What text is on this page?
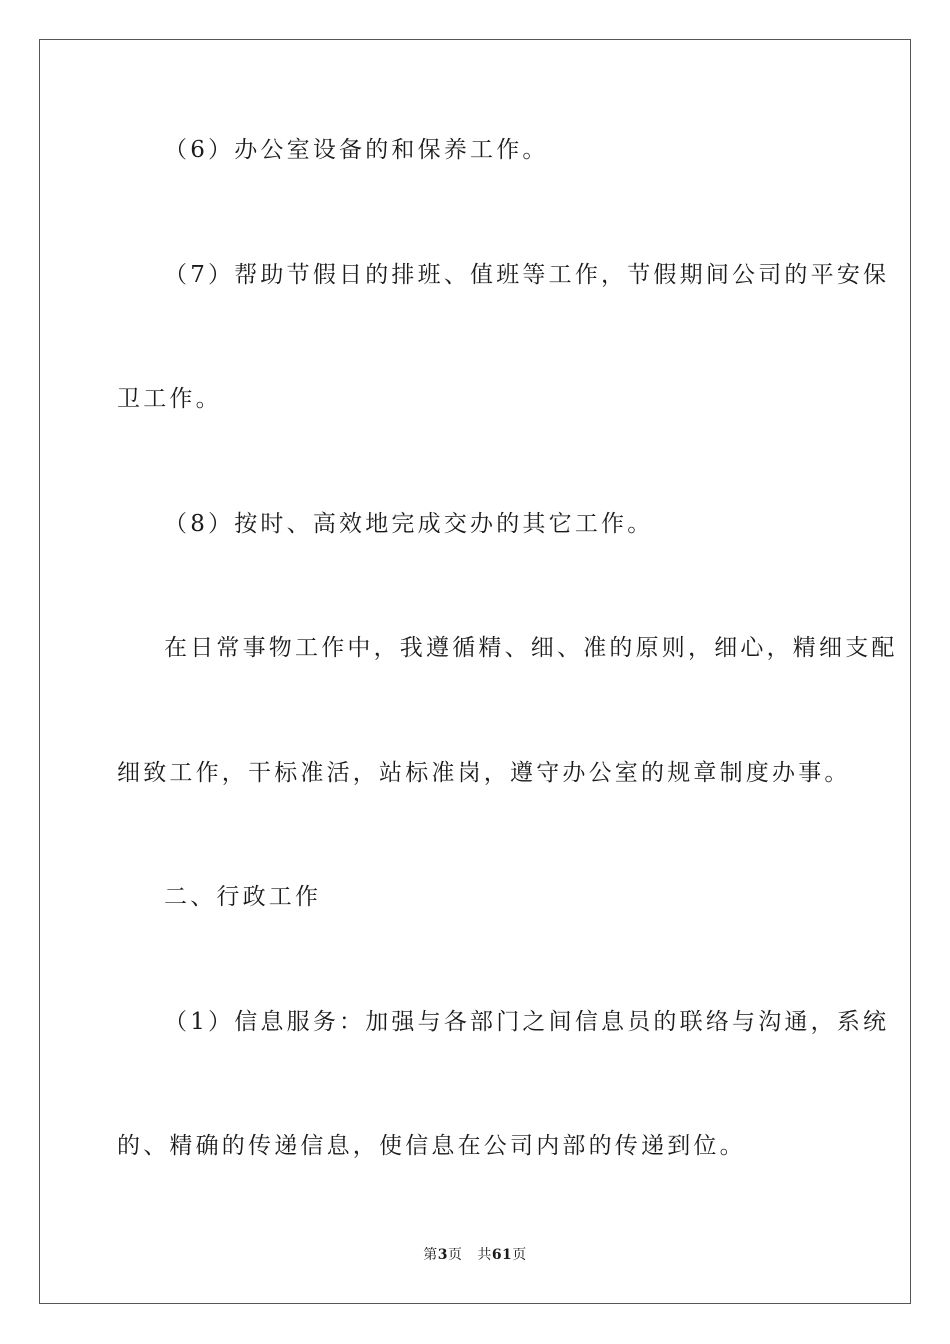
（6）办公室设备的和保养工作。
（7）帮助节假日的排班、值班等工作，节假期间公司的平安保
卫工作。
（8）按时、高效地完成交办的其它工作。
在日常事物工作中，我遵循精、细、准的原则，细心，精细支配
细致工作，干标准活，站标准岗，遵守办公室的规章制度办事。
二、行政工作
（1）信息服务：加强与各部门之间信息员的联络与沟通，系统
的、精确的传递信息，使信息在公司内部的传递到位。
第3页 共61页
